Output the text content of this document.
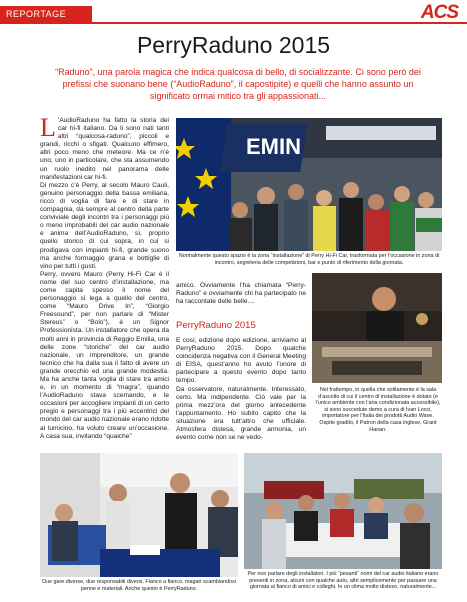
REPORTAGE	ACS
PerryRaduno 2015
“Raduno”, una parola magica che indica qualcosa di bello, di socializzante. Ci sono però dei prefissi che suonano bene (“AudioRaduno”, il capostipite) e quelli che hanno assunto un significato ormai mitico tra gli appassionati...
L ’AudioRaduno ha fatto la storia dei car hi-fi italiano. Da li sono nati tanti altri “qualcosa-raduno”, piccoli e grandi, ricchi o sfigati. Qualcuno effimero, altri poco meno che meteore. Ma ce n’è uno, uno in particolare, che sta assumendo un ruolo inedito nel panorama delle manifestazioni car hi-fi.
Di mezzo c’è Perry, al secolo Mauro Cauli, genuino personaggio della bassa emiliana, ricco di voglia di fare e di stare in compagnia, da sempre al centro della parte conviviale degli incontri tra i personaggi più o meno improbabili del car audio nazionale e anima dell’AudioRaduno, sì, proprio quello storico di cui sopra, in cui si prodigava con impianti hi-fi, grande suono ma anche formaggio grana e bottiglie di vino per tutti i gusti.
Perry, ovvero Mauro (Perry Hi-Fi Car è il nome del suo centro d’installazione, ma come capita spesso il nome del personaggio si lega a quello del centro, come “Mauro Drive In”, “Giorgio Freesound”, per non parlare di “Mister Stereus” o “Bolo”), è un Signor Professionista. Un installatore che opera da molti anni in provincia di Reggio Emilia, una delle zone “storiche” del car audio nazionale, un imprenditore, un grande tecnico che ha dalla sua il fatto di avere un grande orecchio ed una grande modestia. Ma ha anche tanta voglia di stare tra amici e, in un momento di “magra”, quando l’AudioRaduno stava scemando, e le occasioni per accogliere impianti di un certo pregio e personaggi tra i più eccentrici del mondo del car audio nazionale erano ridotte al lumicino, ha voluto creare un’occasione. A casa sua, invitando “qualche”
EMIN
Normalmente questo spazio è la zona “installazione” di Perry Hi-Fi Car, trasformata per l’occasione in zona di incontro, segreteria delle competizioni, bar e punto di riferimento della giornata.
amico. Ovviamente l’ha chiamata “Perry-Raduno” e ovviamente chi ha partecipato ne ha raccontate delle belle....
PerryRaduno 2015
E così, edizione dopo edizione, arriviamo al PerryRaduno 2015. Dopo qualche coincidenza negativa con il General Meeting di EISA, quest’anno ho avuto l’onore di partecipare a questo evento dopo tanto tempo.
Da osservatore, naturalmente. Interessato, certo. Ma indipendente. Ciò vale per la prima mezz’ora del giorno antecedente l’appuntamento. Ho subito capito che la situazione era tutt’altro che ufficiale. Atmosfera distesa, grande armonia, un evento come non se ne vedo-
Nel frattempo, in quella che solitamente è la sala d’ascolto di cui il centro di installazione è dotato (e l’unico ambiente con l’aria condizionata accessibile), si sono succedute demo a cura di Ivan Locci, importatore per l’Italia dei prodotti Audio Wave. Ospite gradito, il Patron della casa inglese, Grant Hanan.
Due gare diverse, due responsabili diversi. Fianco a fianco, magari scambiandosi penne e materiali. Anche questo è PerryRaduno.
Per non parlare degli installatori. I più “pesanti” nomi del car audio italiano erano presenti in zona, alcuni con qualche auto, altri semplicemente per passare una giornata al fianco di amici e colleghi. In un clima molto disteso, naturalmente...
